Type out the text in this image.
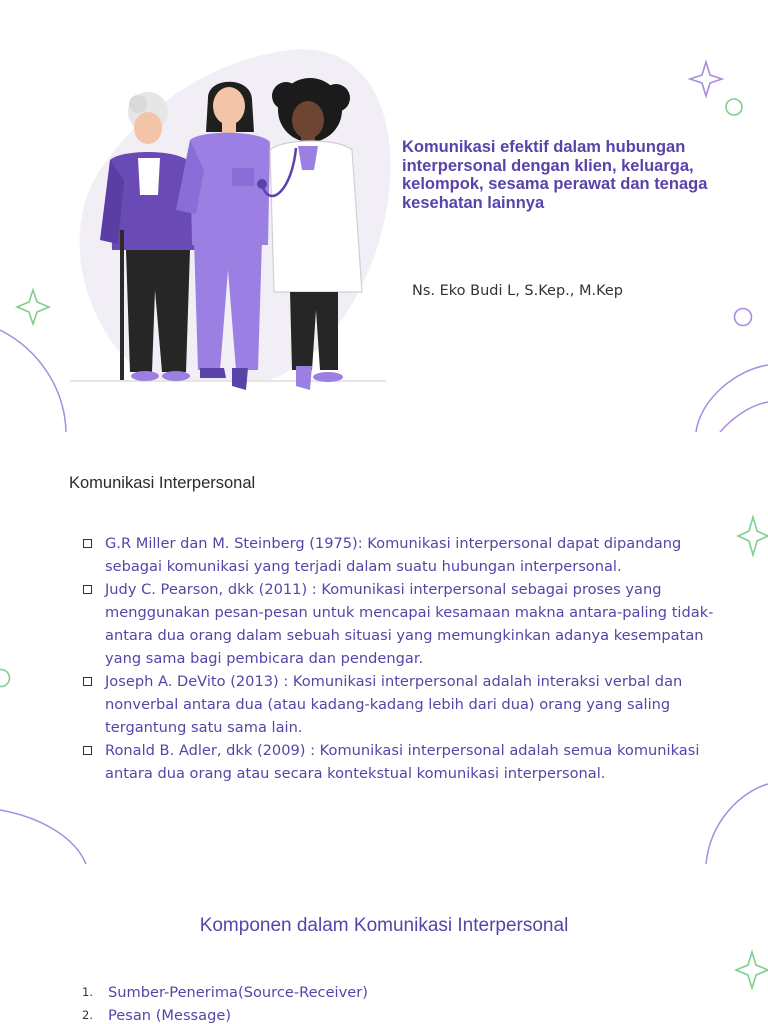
Komunikasi efektif dalam hubungan interpersonal dengan klien, keluarga, kelompok, sesama perawat dan tenaga kesehatan lainnya

Ns. Eko Budi L, S.Kep., M.Kep

Komunikasi Interpersonal
G.R Miller dan M. Steinberg (1975): Komunikasi interpersonal dapat dipandang sebagai komunikasi yang terjadi dalam suatu hubungan interpersonal.
Judy C. Pearson, dkk (2011) : Komunikasi interpersonal sebagai proses yang menggunakan pesan-pesan untuk mencapai kesamaan makna antara-paling tidak-antara dua orang dalam sebuah situasi yang memungkinkan adanya kesempatan yang sama bagi pembicara dan pendengar.
Joseph A. DeVito (2013) : Komunikasi interpersonal adalah interaksi verbal dan nonverbal antara dua (atau kadang-kadang lebih dari dua) orang yang saling tergantung satu sama lain.
Ronald B. Adler, dkk (2009) : Komunikasi interpersonal adalah semua komunikasi antara dua orang atau secara kontekstual komunikasi interpersonal.
Komponen dalam Komunikasi Interpersonal
1. Sumber-Penerima(Source-Receiver)
2. Pesan (Message)
